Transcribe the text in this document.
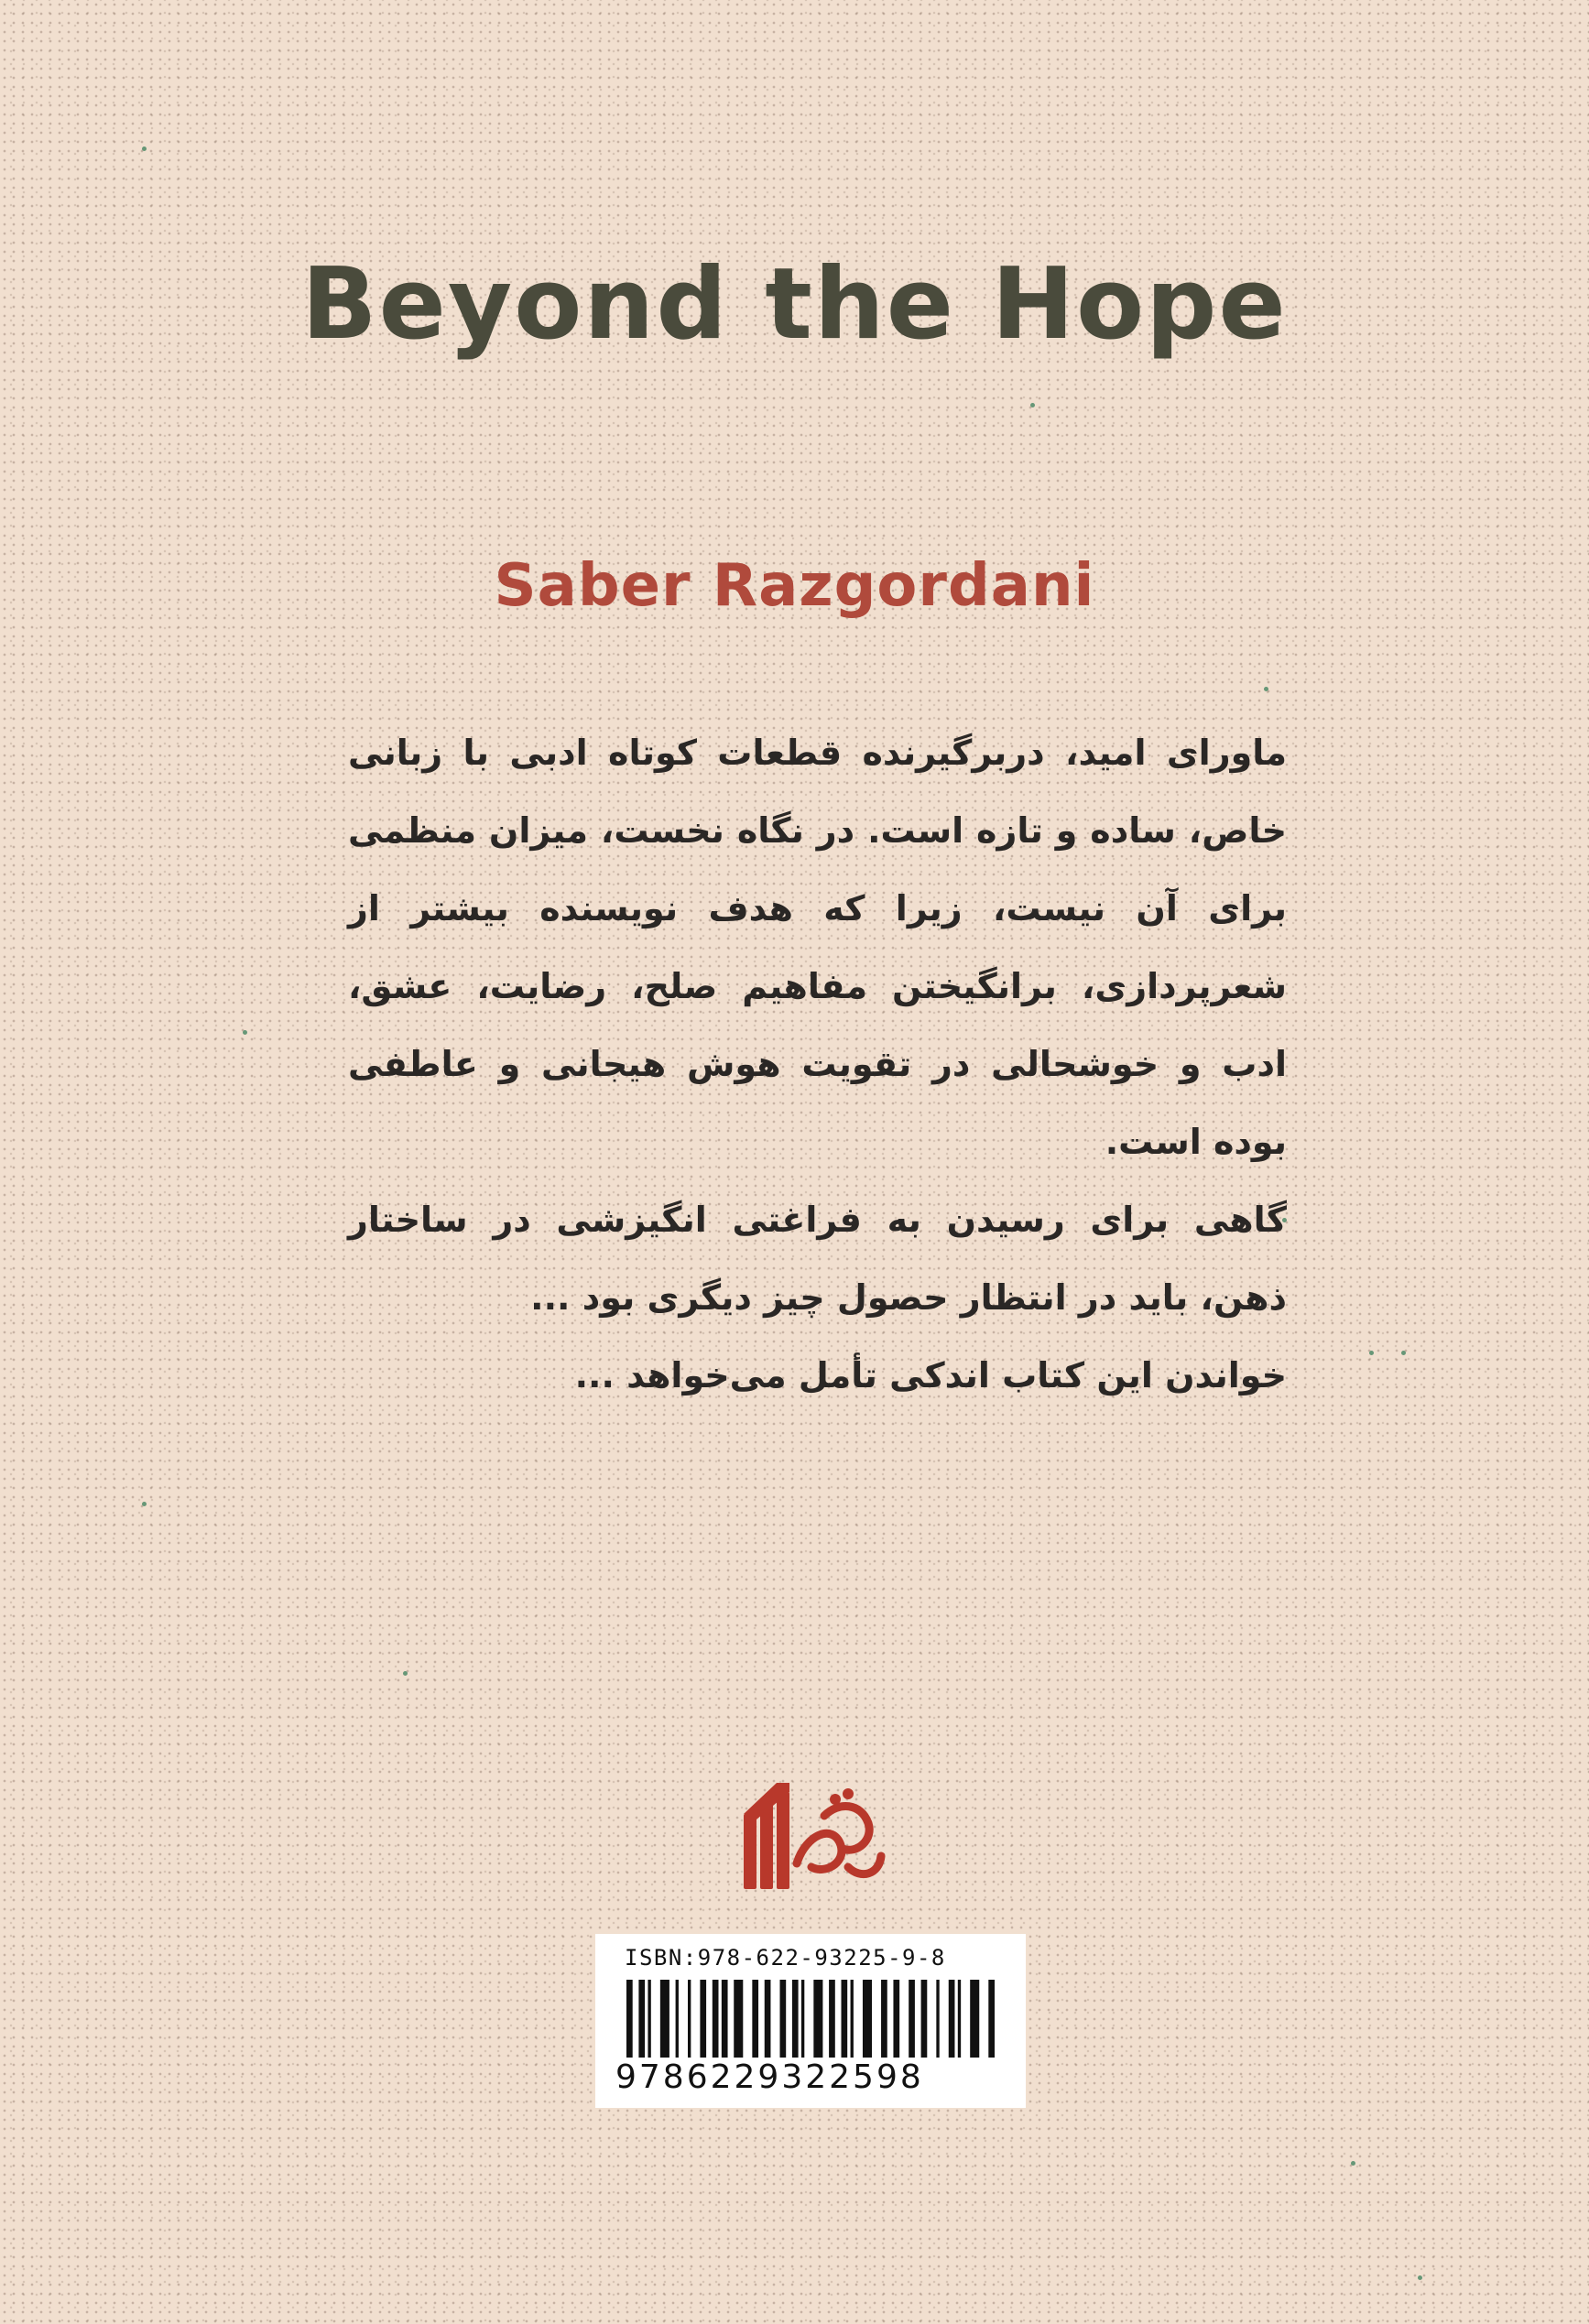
Beyond the Hope
Saber Razgordani

ماورای امید، دربرگیرنده قطعات کوتاه ادبی با زبانی خاص، ساده و تازه است. در نگاه نخست، میزان منظمی برای آن نیست، زیرا که هدف نویسنده بیشتر از شعرپردازی، برانگیختن مفاهیم صلح، رضایت، عشق، ادب و خوشحالی در تقویت هوش هیجانی و عاطفی بوده است.

گاهی برای رسیدن به فراغتی انگیزشی در ساختار ذهن، باید در انتظار حصول چیز دیگری بود ...

خواندن این کتاب اندکی تأمل می‌خواهد ...

ISBN:978-622-93225-9-8
9786229322598
